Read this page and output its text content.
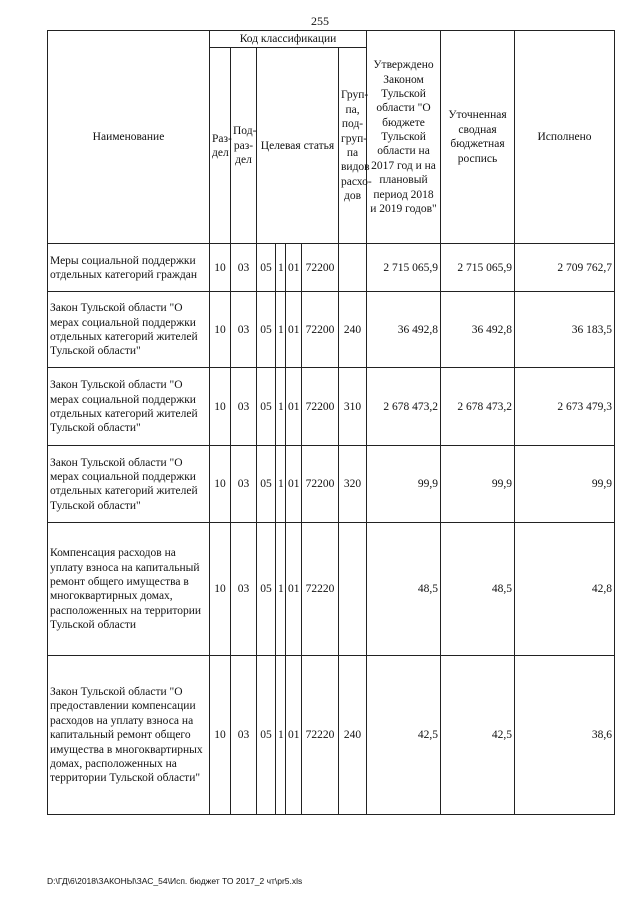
255
Наименование	Код классификации							Утверждено Законом Тульской области "О бюджете Тульской области на 2017 год и на плановый период 2018 и 2019 годов"	Уточненная сводная бюджетная роспись	Исполнено
	Раз-дел	Под-раз-дел	Целевая статья				Груп-па, под-груп-па видов расхо-дов			
Меры социальной поддержки отдельных категорий граждан	10	03	05	1	01	72200		2 715 065,9	2 715 065,9	2 709 762,7
Закон Тульской области "О мерах социальной поддержки отдельных категорий жителей Тульской области"	10	03	05	1	01	72200	240	36 492,8	36 492,8	36 183,5
Закон Тульской области "О мерах социальной поддержки отдельных категорий жителей Тульской области"	10	03	05	1	01	72200	310	2 678 473,2	2 678 473,2	2 673 479,3
Закон Тульской области "О мерах социальной поддержки отдельных категорий жителей Тульской области"	10	03	05	1	01	72200	320	99,9	99,9	99,9
Компенсация расходов на уплату взноса на капитальный ремонт общего имущества в многоквартирных домах, расположенных на территории Тульской области	10	03	05	1	01	72220		48,5	48,5	42,8
Закон Тульской области "О предоставлении компенсации расходов на уплату взноса на капитальный ремонт общего имущества в многоквартирных домах, расположенных на территории Тульской области"	10	03	05	1	01	72220	240	42,5	42,5	38,6
D:\ГД\6\2018\ЗАКОНЫ\ЗАС_54\Исп. бюджет ТО 2017_2 чт\pr5.xls
